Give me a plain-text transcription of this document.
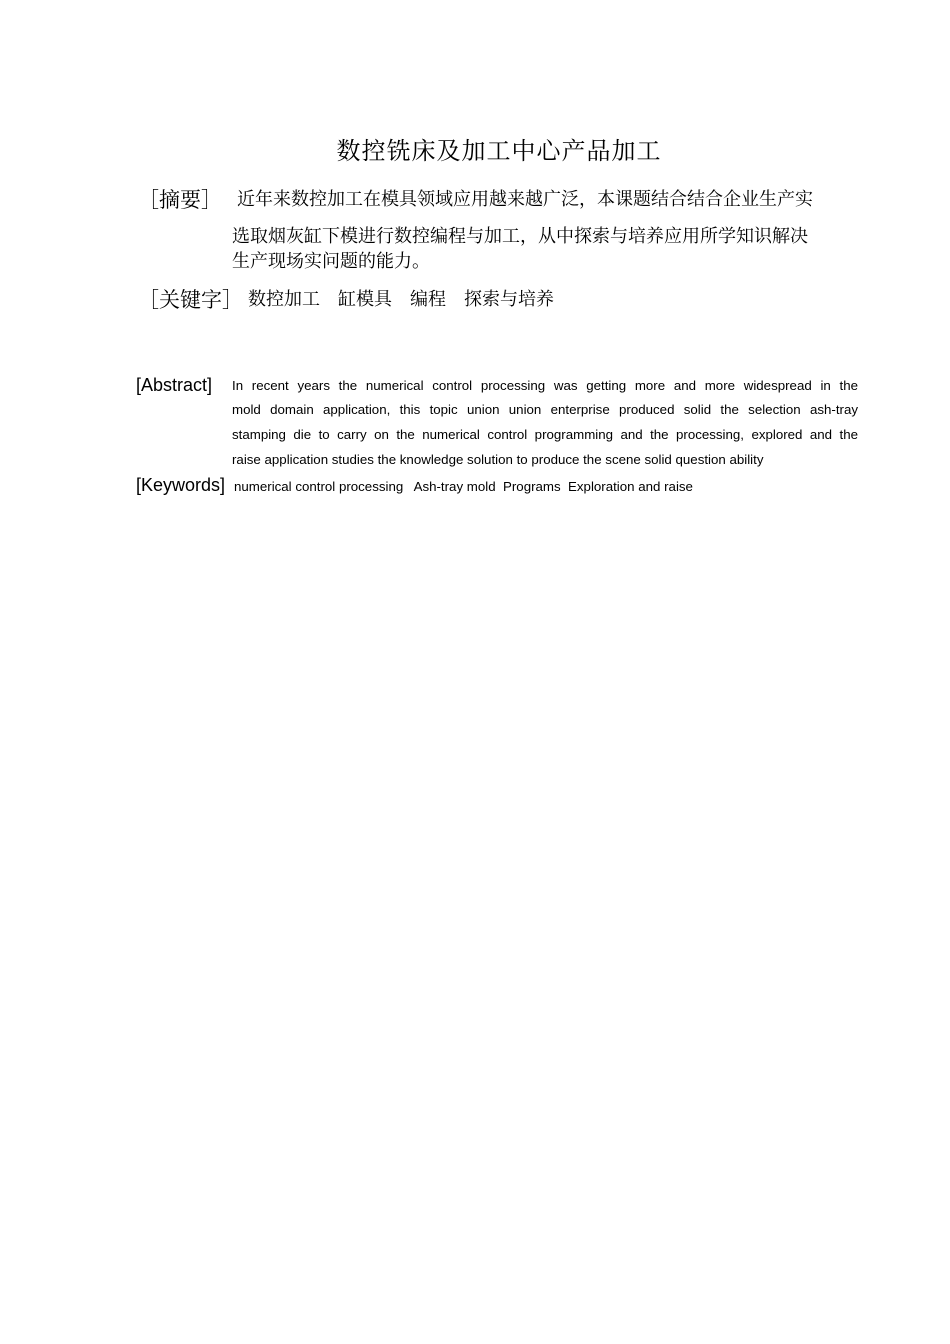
数控铣床及加工中心产品加工
［摘要］ 近年来数控加工在模具领域应用越来越广泛，本课题结合结合企业生产实
选取烟灰缸下模进行数控编程与加工，从中探索与培养应用所学知识解决
生产现场实问题的能力。
［关键字］ 数控加工　缸模具　编程　探索与培养
[Abstract] In recent years the numerical control processing was getting more and more widespread in the
mold domain application, this topic union union enterprise produced solid the selection ash-tray
stamping die to carry on the numerical control programming and the processing, explored and the
raise application studies the knowledge solution to produce the scene solid question ability
[Keywords] numerical control processing   Ash-tray mold  Programs  Exploration and raise
